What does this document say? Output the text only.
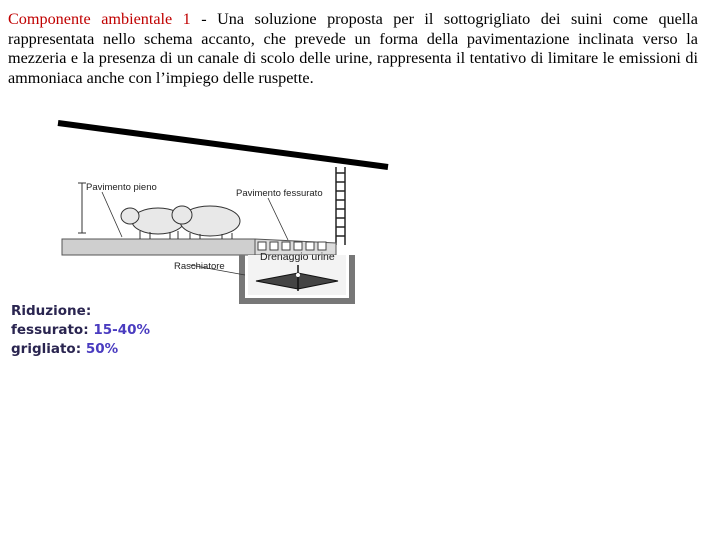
Componente ambientale 1 - Una soluzione proposta per il sottogrigliato dei suini come quella rappresentata nello schema accanto, che prevede un forma della pavimentazione inclinata verso la mezzeria e la presenza di un canale di scolo delle urine, rappresenta il tentativo di limitare le emissioni di ammoniaca anche con l’impiego delle ruspette.

Pavimento pieno
Pavimento fessurato
Raschiatore
Drenaggio urine
Riduzione:
fessurato: 15-40%
grigliato: 50%
